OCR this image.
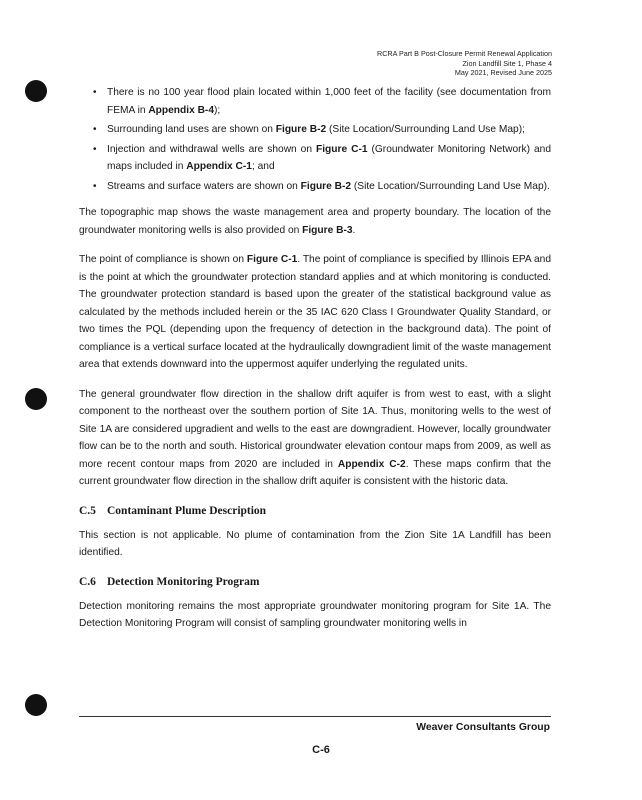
RCRA Part B Post-Closure Permit Renewal Application
Zion Landfill Site 1, Phase 4
May 2021, Revised June 2025
• There is no 100 year flood plain located within 1,000 feet of the facility (see documentation from FEMA in Appendix B-4);
• Surrounding land uses are shown on Figure B-2 (Site Location/Surrounding Land Use Map);
• Injection and withdrawal wells are shown on Figure C-1 (Groundwater Monitoring Network) and maps included in Appendix C-1; and
• Streams and surface waters are shown on Figure B-2 (Site Location/Surrounding Land Use Map).

The topographic map shows the waste management area and property boundary. The location of the groundwater monitoring wells is also provided on Figure B-3.

The point of compliance is shown on Figure C-1. The point of compliance is specified by Illinois EPA and is the point at which the groundwater protection standard applies and at which monitoring is conducted. The groundwater protection standard is based upon the greater of the statistical background value as calculated by the methods included herein or the 35 IAC 620 Class I Groundwater Quality Standard, or two times the PQL (depending upon the frequency of detection in the background data). The point of compliance is a vertical surface located at the hydraulically downgradient limit of the waste management area that extends downward into the uppermost aquifer underlying the regulated units.

The general groundwater flow direction in the shallow drift aquifer is from west to east, with a slight component to the northeast over the southern portion of Site 1A. Thus, monitoring wells to the west of Site 1A are considered upgradient and wells to the east are downgradient. However, locally groundwater flow can be to the north and south. Historical groundwater elevation contour maps from 2009, as well as more recent contour maps from 2020 are included in Appendix C-2. These maps confirm that the current groundwater flow direction in the shallow drift aquifer is consistent with the historic data.

C.5 Contaminant Plume Description

This section is not applicable. No plume of contamination from the Zion Site 1A Landfill has been identified.

C.6 Detection Monitoring Program

Detection monitoring remains the most appropriate groundwater monitoring program for Site 1A. The Detection Monitoring Program will consist of sampling groundwater monitoring wells in

Weaver Consultants Group
C-6
